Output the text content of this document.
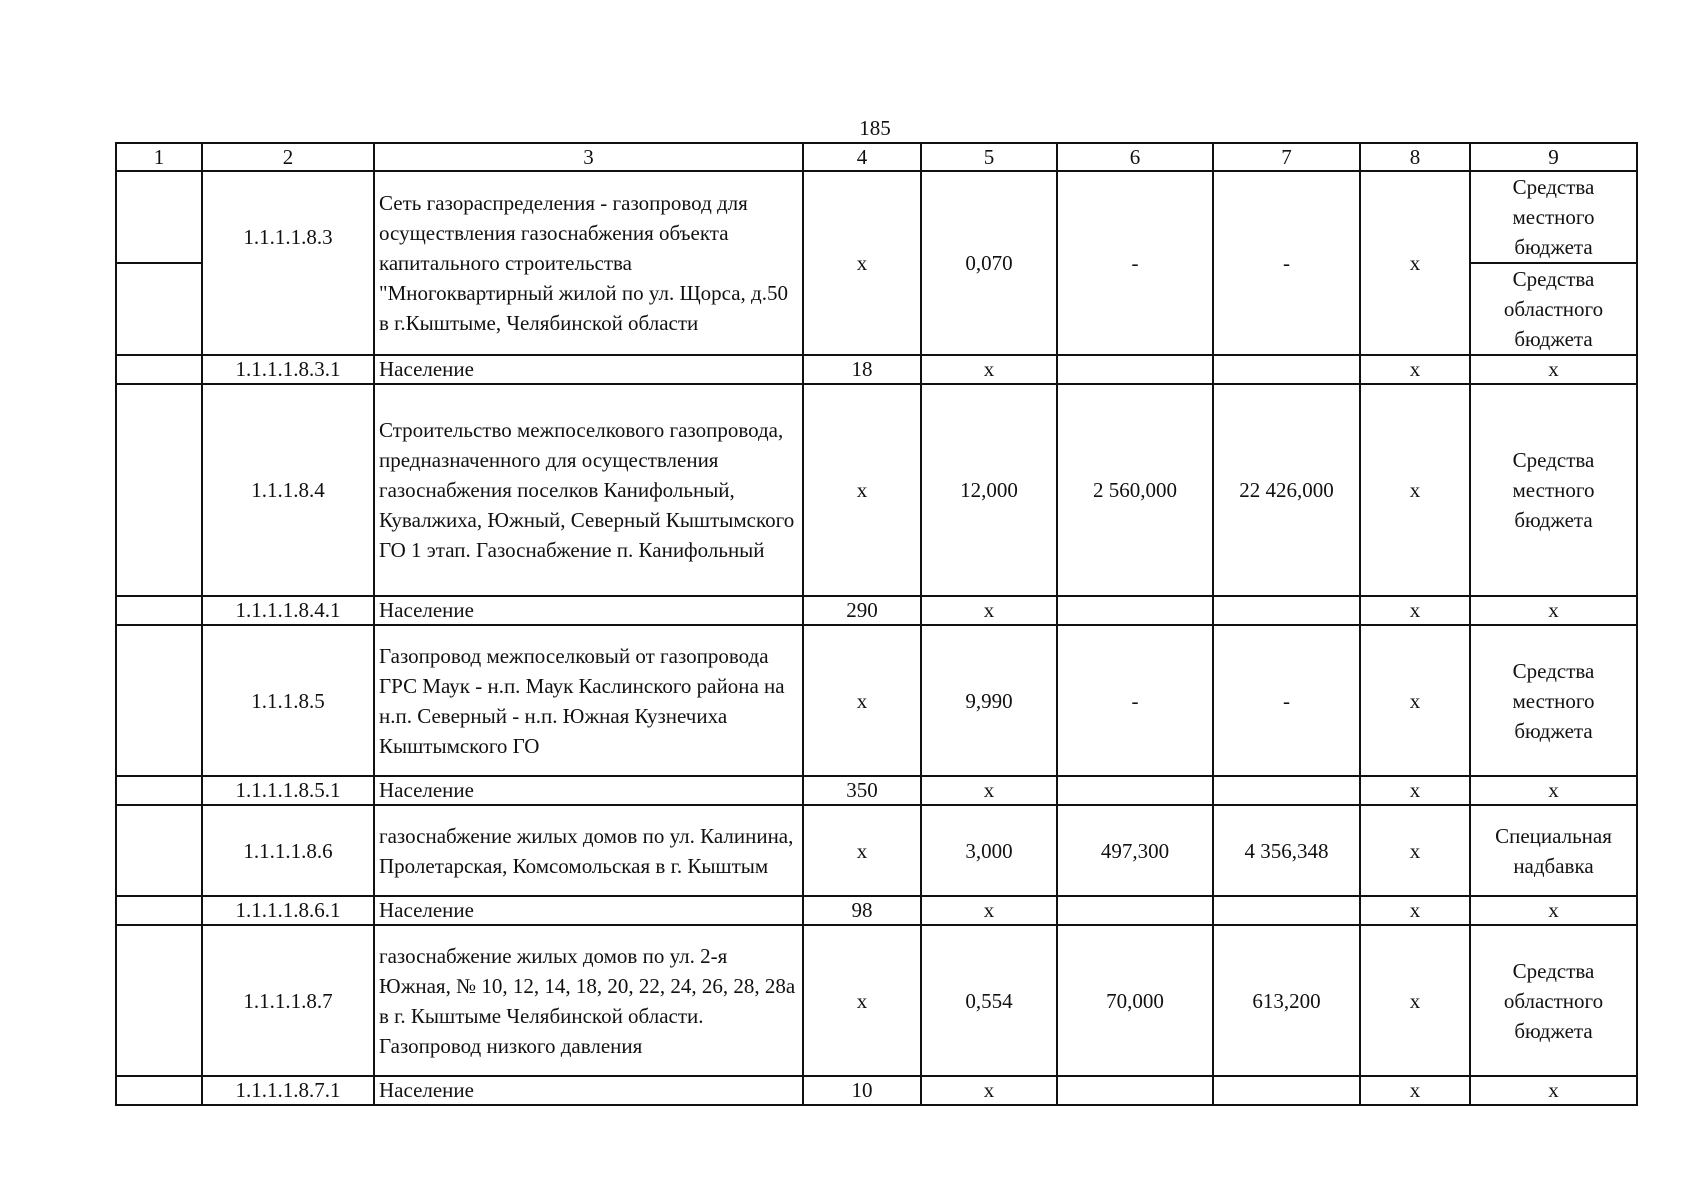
185
1	2	3	4	5	6	7	8	9
	1.1.1.1.8.3	Сеть газораспределения - газопровод для осуществления газоснабжения объекта капитального строительства "Многоквартирный жилой по ул. Щорса, д.50 в г.Кыштыме, Челябинской области	х	0,070	-	-	х	Средства местного бюджета
								Средства областного бюджета
	1.1.1.1.8.3.1	Население	18	х			х	х
	1.1.1.8.4	Строительство межпоселкового газопровода, предназначенного для осуществления газоснабжения поселков Канифольный, Кувалжиха, Южный, Северный Кыштымского ГО 1 этап. Газоснабжение п. Канифольный	х	12,000	2 560,000	22 426,000	х	Средства местного бюджета
	1.1.1.1.8.4.1	Население	290	х			х	х
	1.1.1.8.5	Газопровод межпоселковый от газопровода ГРС Маук - н.п. Маук Каслинского района на н.п. Северный - н.п. Южная Кузнечиха Кыштымского ГО	х	9,990	-	-	х	Средства местного бюджета
	1.1.1.1.8.5.1	Население	350	х			х	х
	1.1.1.1.8.6	газоснабжение жилых домов по ул. Калинина, Пролетарская, Комсомольская в г. Кыштым	х	3,000	497,300	4 356,348	х	Специальная надбавка
	1.1.1.1.8.6.1	Население	98	х			х	х
	1.1.1.1.8.7	газоснабжение жилых домов по ул. 2-я Южная, № 10, 12, 14, 18, 20, 22, 24, 26, 28, 28а в г. Кыштыме Челябинской области. Газопровод низкого давления	х	0,554	70,000	613,200	х	Средства областного бюджета
	1.1.1.1.8.7.1	Население	10	х			х	х
